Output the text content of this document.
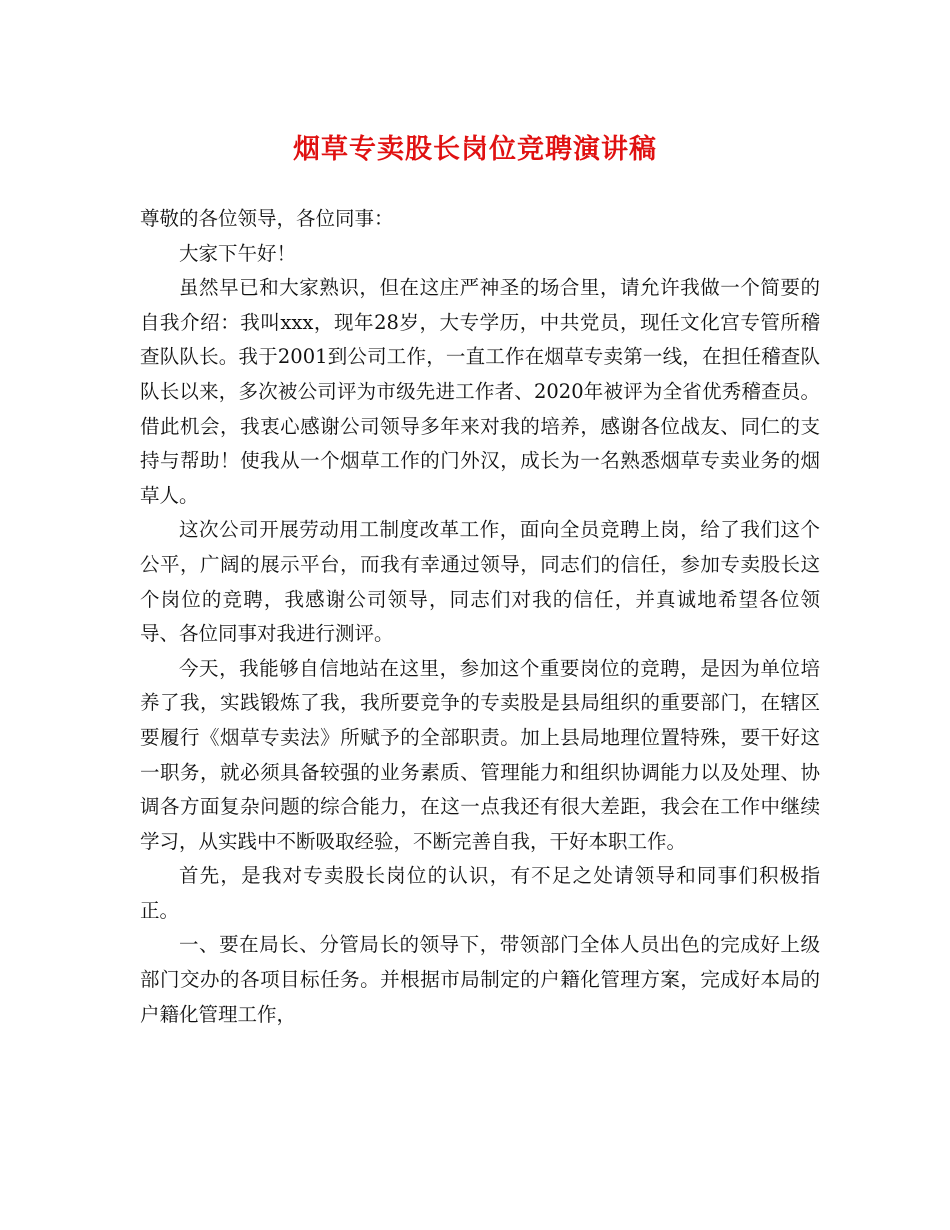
烟草专卖股长岗位竞聘演讲稿

尊敬的各位领导，各位同事：

大家下午好！

虽然早已和大家熟识，但在这庄严神圣的场合里，请允许我做一个简要的自我介绍：我叫xxx，现年28岁，大专学历，中共党员，现任文化宫专管所稽查队队长。我于2001到公司工作，一直工作在烟草专卖第一线，在担任稽查队队长以来，多次被公司评为市级先进工作者、2020年被评为全省优秀稽查员。借此机会，我衷心感谢公司领导多年来对我的培养，感谢各位战友、同仁的支持与帮助！使我从一个烟草工作的门外汉，成长为一名熟悉烟草专卖业务的烟草人。

这次公司开展劳动用工制度改革工作，面向全员竞聘上岗，给了我们这个公平，广阔的展示平台，而我有幸通过领导，同志们的信任，参加专卖股长这个岗位的竞聘，我感谢公司领导，同志们对我的信任，并真诚地希望各位领导、各位同事对我进行测评。

今天，我能够自信地站在这里，参加这个重要岗位的竞聘，是因为单位培养了我，实践锻炼了我，我所要竞争的专卖股是县局组织的重要部门，在辖区要履行《烟草专卖法》所赋予的全部职责。加上县局地理位置特殊，要干好这一职务，就必须具备较强的业务素质、管理能力和组织协调能力以及处理、协调各方面复杂问题的综合能力，在这一点我还有很大差距，我会在工作中继续学习，从实践中不断吸取经验，不断完善自我，干好本职工作。

首先，是我对专卖股长岗位的认识，有不足之处请领导和同事们积极指正。

一、要在局长、分管局长的领导下，带领部门全体人员出色的完成好上级部门交办的各项目标任务。并根据市局制定的户籍化管理方案，完成好本局的户籍化管理工作，
